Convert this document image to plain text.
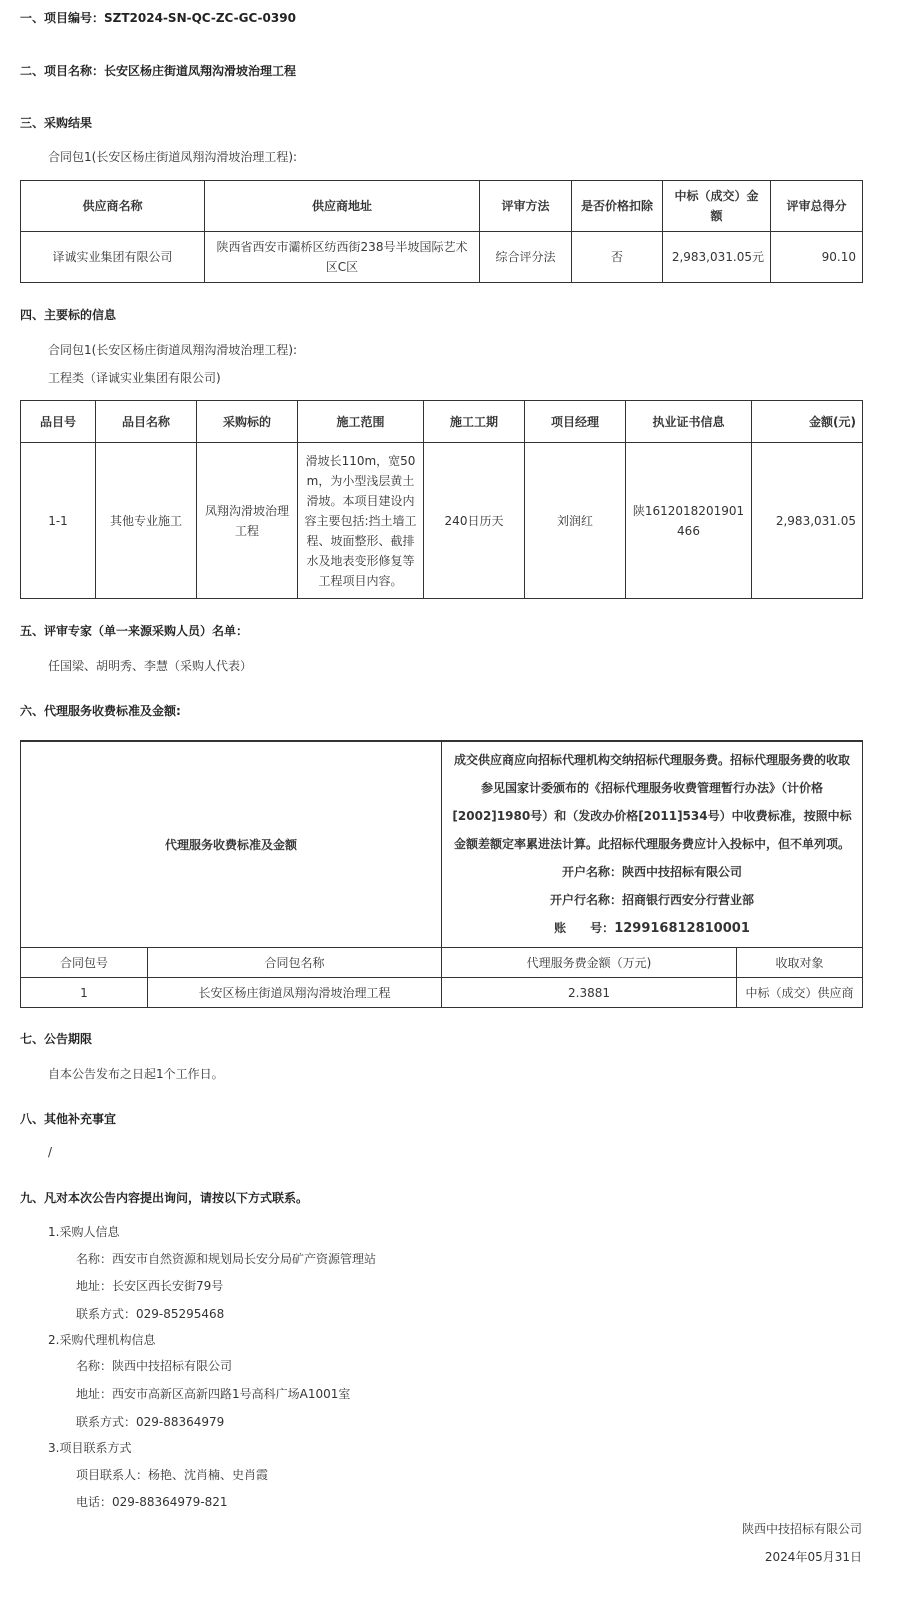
一、项目编号：SZT2024-SN-QC-ZC-GC-0390
二、项目名称：长安区杨庄街道凤翔沟滑坡治理工程
三、采购结果
合同包1(长安区杨庄街道凤翔沟滑坡治理工程):
供应商名称	供应商地址	评审方法	是否价格扣除	中标（成交）金额	评审总得分
译诚实业集团有限公司	陕西省西安市灞桥区纺西街238号半坡国际艺术区C区	综合评分法	否	2,983,031.05元	90.10
四、主要标的信息
合同包1(长安区杨庄街道凤翔沟滑坡治理工程):
工程类（译诚实业集团有限公司)
品目号	品目名称	采购标的	施工范围	施工工期	项目经理	执业证书信息	金额(元)
1-1	其他专业施工	凤翔沟滑坡治理工程	滑坡长110m，宽50m，为小型浅层黄土滑坡。本项目建设内容主要包括:挡土墙工程、坡面整形、截排水及地表变形修复等工程项目内容。	240日历天	刘润红	陕1612018201901466	2,983,031.05
五、评审专家（单一来源采购人员）名单：
任国梁、胡明秀、李慧（采购人代表）
六、代理服务收费标准及金额:
代理服务收费标准及金额		成交供应商应向招标代理机构交纳招标代理服务费。招标代理服务费的收取参见国家计委颁布的《招标代理服务收费管理暂行办法》（计价格[2002]1980号）和（发改办价格[2011]534号）中收费标准，按照中标金额差额定率累进法计算。此招标代理服务费应计入投标中，但不单列项。
开户名称：陕西中技招标有限公司
开户行名称：招商银行西安分行营业部
账　　号：129916812810001	

合同包号	合同包名称	代理服务费金额（万元)	收取对象
1	长安区杨庄街道凤翔沟滑坡治理工程	2.3881	中标（成交）供应商
七、公告期限
自本公告发布之日起1个工作日。
八、其他补充事宜
/
九、凡对本次公告内容提出询问，请按以下方式联系。
1.采购人信息
名称：西安市自然资源和规划局长安分局矿产资源管理站
地址：长安区西长安街79号
联系方式：029-85295468
2.采购代理机构信息
名称：陕西中技招标有限公司
地址：西安市高新区高新四路1号高科广场A1001室
联系方式：029-88364979
3.项目联系方式
项目联系人：杨艳、沈肖楠、史肖霞
电话：029-88364979-821
陕西中技招标有限公司
2024年05月31日
